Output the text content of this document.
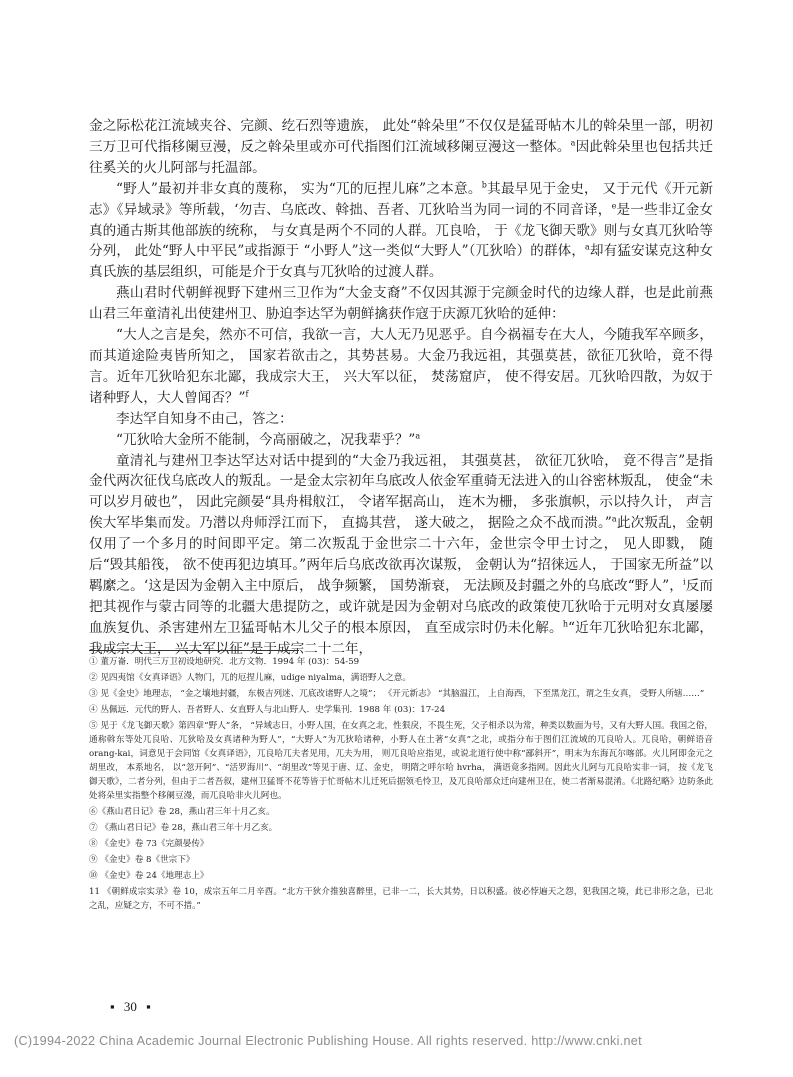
金之际松花江流域夹谷、完颜、纥石烈等遗族， 此处“斡朵里”不仅仅是猛哥帖木儿的斡朵里一部，明初三万卫可代指移阑豆漫，反之斡朵里或亦可代指图们江流域移阑豆漫这一整体。$^a$因此斡朵里也包括共迁往奚关的火儿阿部与托温部。

“野人”最初并非女真的蔑称， 实为“兀的厄捏儿麻”之本意。$^b$其最早见于金史， 又于元代《开元新志》《异域录》等所载，‘勿吉、乌底改、斡拙、吾者、兀狄哈当为同一词的不同音译，$^e$是一些非辽金女真的通古斯其他部族的统称， 与女真是两个不同的人群。兀良哈， 于《龙飞御天歌》则与女真兀狄哈等分列， 此处“野人中平民”或指源于 “小野人”这一类似“大野人”（兀狄哈）的群体，$^a$却有猛安谋克这种女真氏族的基层组织，可能是介于女真与兀狄哈的过渡人群。

燕山君时代朝鲜视野下建州三卫作为“大金支裔”不仅因其源于完颜金时代的边缘人群，也是此前燕山君三年童清礼出使建州卫、胁迫李达罕为朝鲜擒获作寇于庆源兀狄哈的延伸：

“大人之言是矣，然亦不可信，我欲一言，大人无乃见恶乎。自今祸福专在大人，今随我军卒顾多，而其道途险夷皆所知之， 国家若欲击之，其势甚易。大金乃我远祖，其强莫甚，欲征兀狄哈，竟不得言。近年兀狄哈犯东北鄙，我成宗大王， 兴大军以征， 焚荡窟庐， 使不得安居。兀狄哈四散，为奴于诸种野人，大人曾闻否？”$^f$

李达罕自知身不由己，答之：

“兀狄哈大金所不能制，今高丽破之，况我辈乎？”$^a$

童清礼与建州卫李达罕达对话中提到的“大金乃我远祖， 其强莫甚， 欲征兀狄哈， 竟不得言”是指金代两次征伐乌底改人的叛乱。一是金太宗初年乌底改人依金军重骑无法进入的山谷密林叛乱， 使金“未可以岁月破也”， 因此完颜晏“具舟楫舣江， 令诸军据高山， 连木为栅， 多张旗帜，示以持久计， 声言俟大军毕集而发。乃潜以舟师浮江而下， 直捣其营， 遂大破之， 据险之众不战而溃。”$^a$此次叛乱，金朝仅用了一个多月的时间即平定。第二次叛乱于金世宗二十六年，金世宗令甲士讨之， 见人即戮， 随后“毁其船筏， 欲不使再犯边填耳。”两年后乌底改欲再次谋叛， 金朝认为“招徕远人， 于国家无所益”以羁縻之。‘这是因为金朝入主中原后， 战争频繁， 国势渐衰， 无法顾及封疆之外的乌底改“野人”，$^i$反而把其视作与蒙古同等的北疆大患提防之，或许就是因为金朝对乌底改的政策使兀狄哈于元明对女真屡屡血族复仇、杀害建州左卫猛哥帖木儿父子的根本原因， 直至成宗时仍未化解。$^h$“近年兀狄哈犯东北鄙， 我成宗大王， 兴大军以征”是于成宗二十二年，

① 董万崙．明代三万卫初设地研究．北方文物．1994 年 (03)：54-59

② 见四夷馆《女真译语》人物门，兀的厄捏儿麻，udige niyalma，满语野人之意。

③ 见《金史》地理志， “金之壤地封疆， 东极吉列迷、兀底改诸野人之境”； 《开元新志》 “其脑温江， 上自海西， 下至黑龙江，谓之生女真， 受野人所辖……”

④ 丛佩远．元代的野人、吾者野人、女直野人与北山野人．史学集刊．1988 年 (03)：17-24

⑤ 见于《龙飞御天歌》第四章“野人”条， “异域志曰，小野人国，在女真之北，性狠戾，不畏生死，父子相杀以为常，种类以数面为号，又有大野人国。我国之俗， 通称斡东等处兀良哈、兀狄哈及女真诸种为野人”，“大野人”为兀狄哈诸种，小野人在土著“女真”之北，或指分布于图们江流域的兀良哈人。兀良哈，朝鲜语音 orang-kai，词意见于会同馆《女真译语》，兀良哈兀夫者见用，兀夫为用， 则兀良哈应指见，或说北道行使中称“鄙斜开”，明末为东海瓦尔喀部。火儿阿即金元之胡里改， 本系地名， 以“忽开阿”、“活罗海川”、“胡里改”等见于唐、辽、金史， 明隋之呼尔哈 hvrha， 满语竟多指网。因此火儿阿与兀良哈实非一词， 按《龙飞御天歌》，二者分列，但由于二者吾叙，建州卫猛哥不花等皆于忙哥帖木儿迁死后据领毛怜卫，及兀良哈部众迁向建州卫在，使二者渐易混淆。《北路纪略》边防条此处将朵里实指整个移阑豆漫，而兀良哈非火儿阿也。

⑥《燕山君日记》卷 28，燕山君三年十月乙亥。

⑦ 《燕山君日记》卷 28，燕山君三年十月乙亥。

⑧ 《金史》卷 73《完颜晏传》

⑨ 《金史》卷 8《世宗下》

⑩ 《金史》卷 24《地理志上》

11 《朝鲜成宗实录》卷 10，成宗五年二月辛酉。“北方干狄介推独喜醉里，已非一二，长大其势，日以积盛。彼必悖遍天之怨，犯我国之境，此已非形之急，已北之乱，应疑之方，不可不措。”

▪ 30 ▪
(C)1994-2022 China Academic Journal Electronic Publishing House. All rights reserved. http://www.cnki.net
